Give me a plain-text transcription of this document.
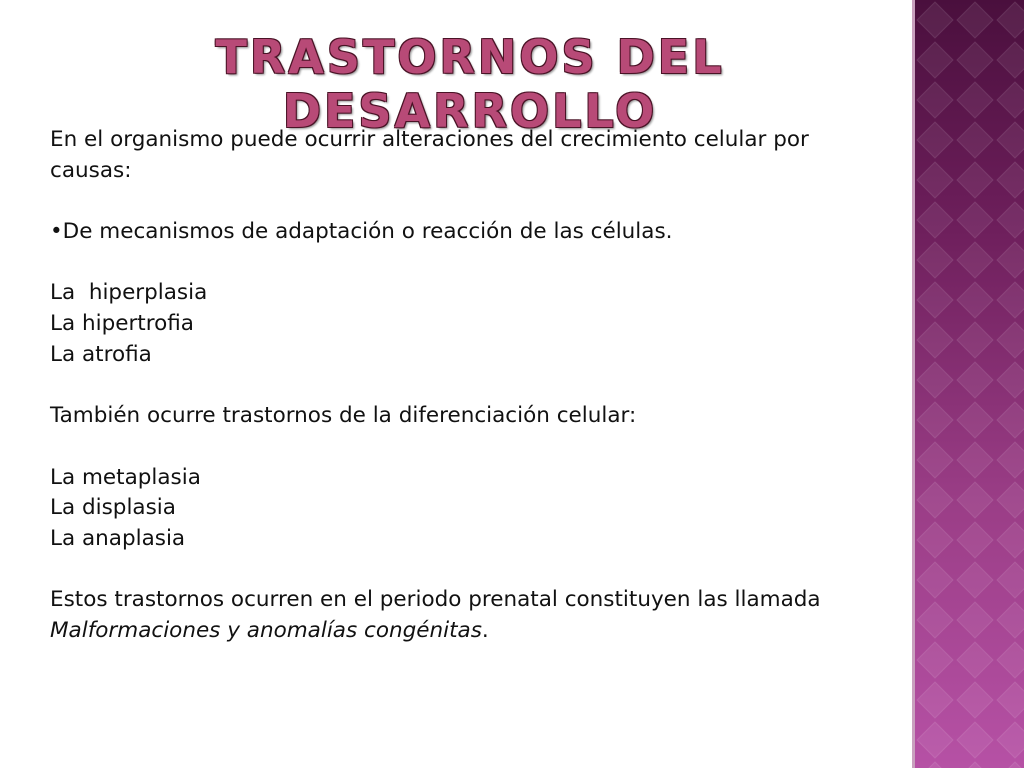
TRASTORNOS DEL DESARROLLO

En el organismo puede ocurrir alteraciones del crecimiento celular por causas:

•De mecanismos de adaptación o reacción de las células.

La  hiperplasia

La hipertrofia

La atrofia

También ocurre trastornos de la diferenciación celular:

La metaplasia

La displasia

La anaplasia

Estos trastornos ocurren en el periodo prenatal constituyen las llamada Malformaciones y anomalías congénitas.
